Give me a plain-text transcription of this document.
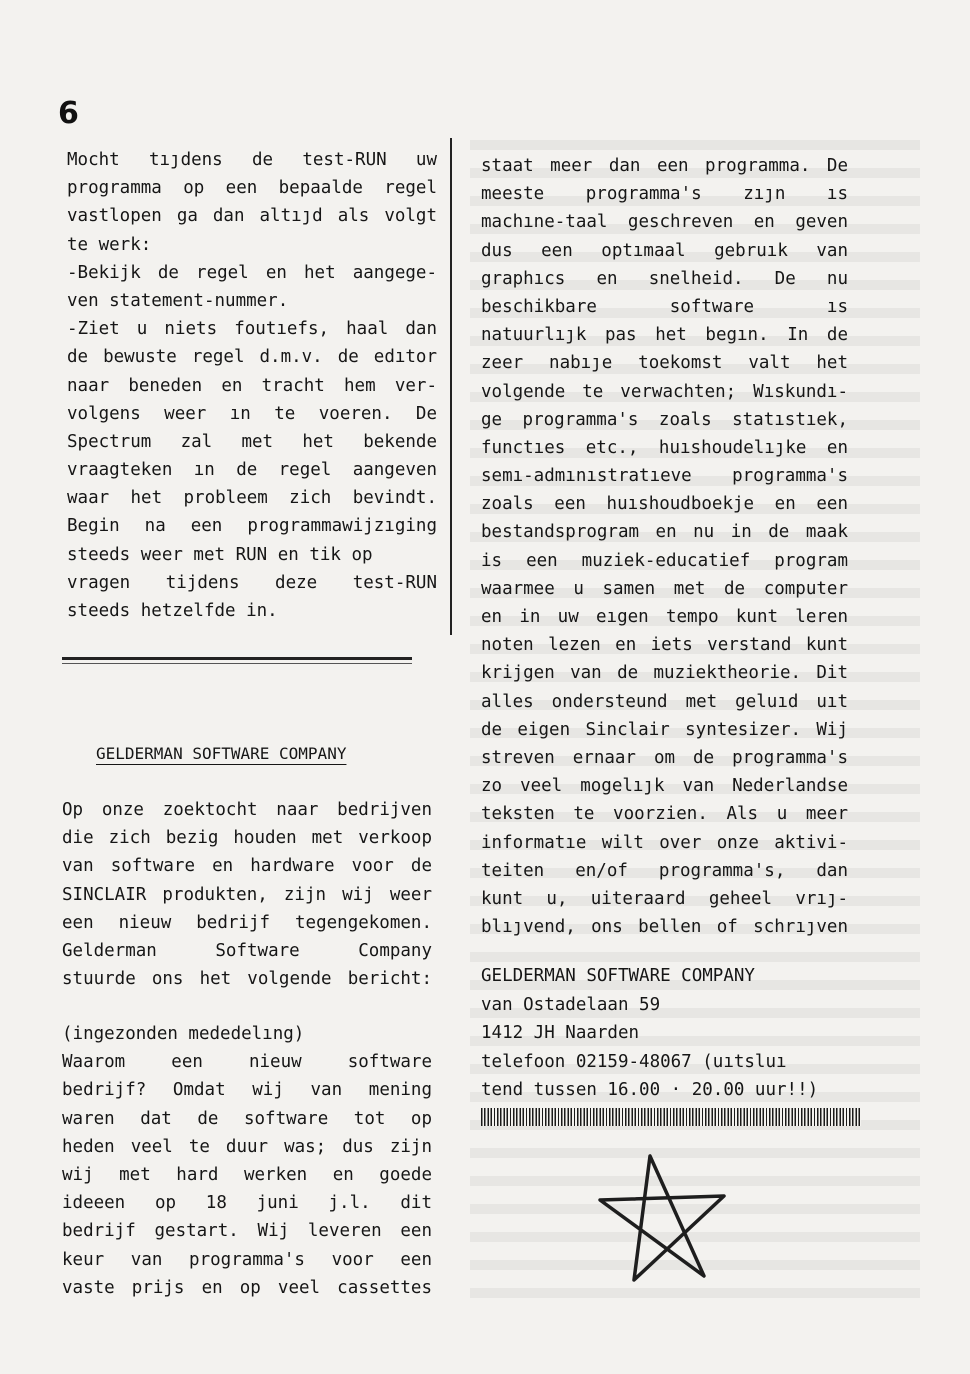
6
Mocht tıȷdens de test-RUN uw
programma op een bepaalde regel
vastlopen ga dan altıȷd als volgt
te werk:
-Bekijk de regel en het aangege-
ven statement-nummer.
-Ziet u niets foutıefs, haal dan
de bewuste regel d.m.v. de edıtor
naar beneden en tracht hem ver-
volgens weer ın te voeren. De
Spectrum zal met het bekende
vraagteken ın de regel aangeven
waar het probleem zich bevindt.
Begin na een programmawijzıging
steeds weer met RUN en tik op
vragen tijdens deze test-RUN
steeds hetzelfde in.
GELDERMAN SOFTWARE COMPANY
Op onze zoektocht naar bedrijven
die zich bezig houden met verkoop
van software en hardware voor de
SINCLAIR produkten, zijn wij weer
een nieuw bedrijf tegengekomen.
Gelderman Software Company
stuurde ons het volgende bericht:
(ingezonden mededelıng)
Waarom een nieuw software
bedrijf? Omdat wij van mening
waren dat de software tot op
heden veel te duur was; dus zijn
wij met hard werken en goede
ideeen op 18 juni j.l. dit
bedrijf gestart. Wij leveren een
keur van programma's voor een
vaste prijs en op veel cassettes
staat meer dan een programma. De
meeste programma's zıȷn ıs
machıne-taal geschreven en geven
dus een optımaal gebruık van
graphıcs en snelheid. De nu
beschikbare software ıs
natuurlıȷk pas het begın. In de
zeer nabıȷe toekomst valt het
volgende te verwachten; Wıskundı-
ge programma's zoals statıstıek,
functıes etc., huıshoudelıȷke en
semı-admınıstratıeve programma's
zoals een huıshoudboekje en een
bestandsprogram en nu in de maak
is een muziek-educatief program
waarmee u samen met de computer
en in uw eıgen tempo kunt leren
noten lezen en iets verstand kunt
krijgen van de muziektheorie. Dit
alles ondersteund met geluıd uıt
de eigen Sinclair syntesizer. Wij
streven ernaar om de programma's
zo veel mogelıȷk van Nederlandse
teksten te voorzien. Als u meer
informatıe wilt over onze aktivi-
teiten en/of programma's, dan
kunt u, uiteraard geheel vrıȷ-
blıȷvend, ons bellen of schrıȷven
GELDERMAN SOFTWARE COMPANY
van Ostadelaan 59
1412 JH Naarden
telefoon 02159-48067 (uıtsluı
tend tussen 16.00 · 20.00 uur!!)
